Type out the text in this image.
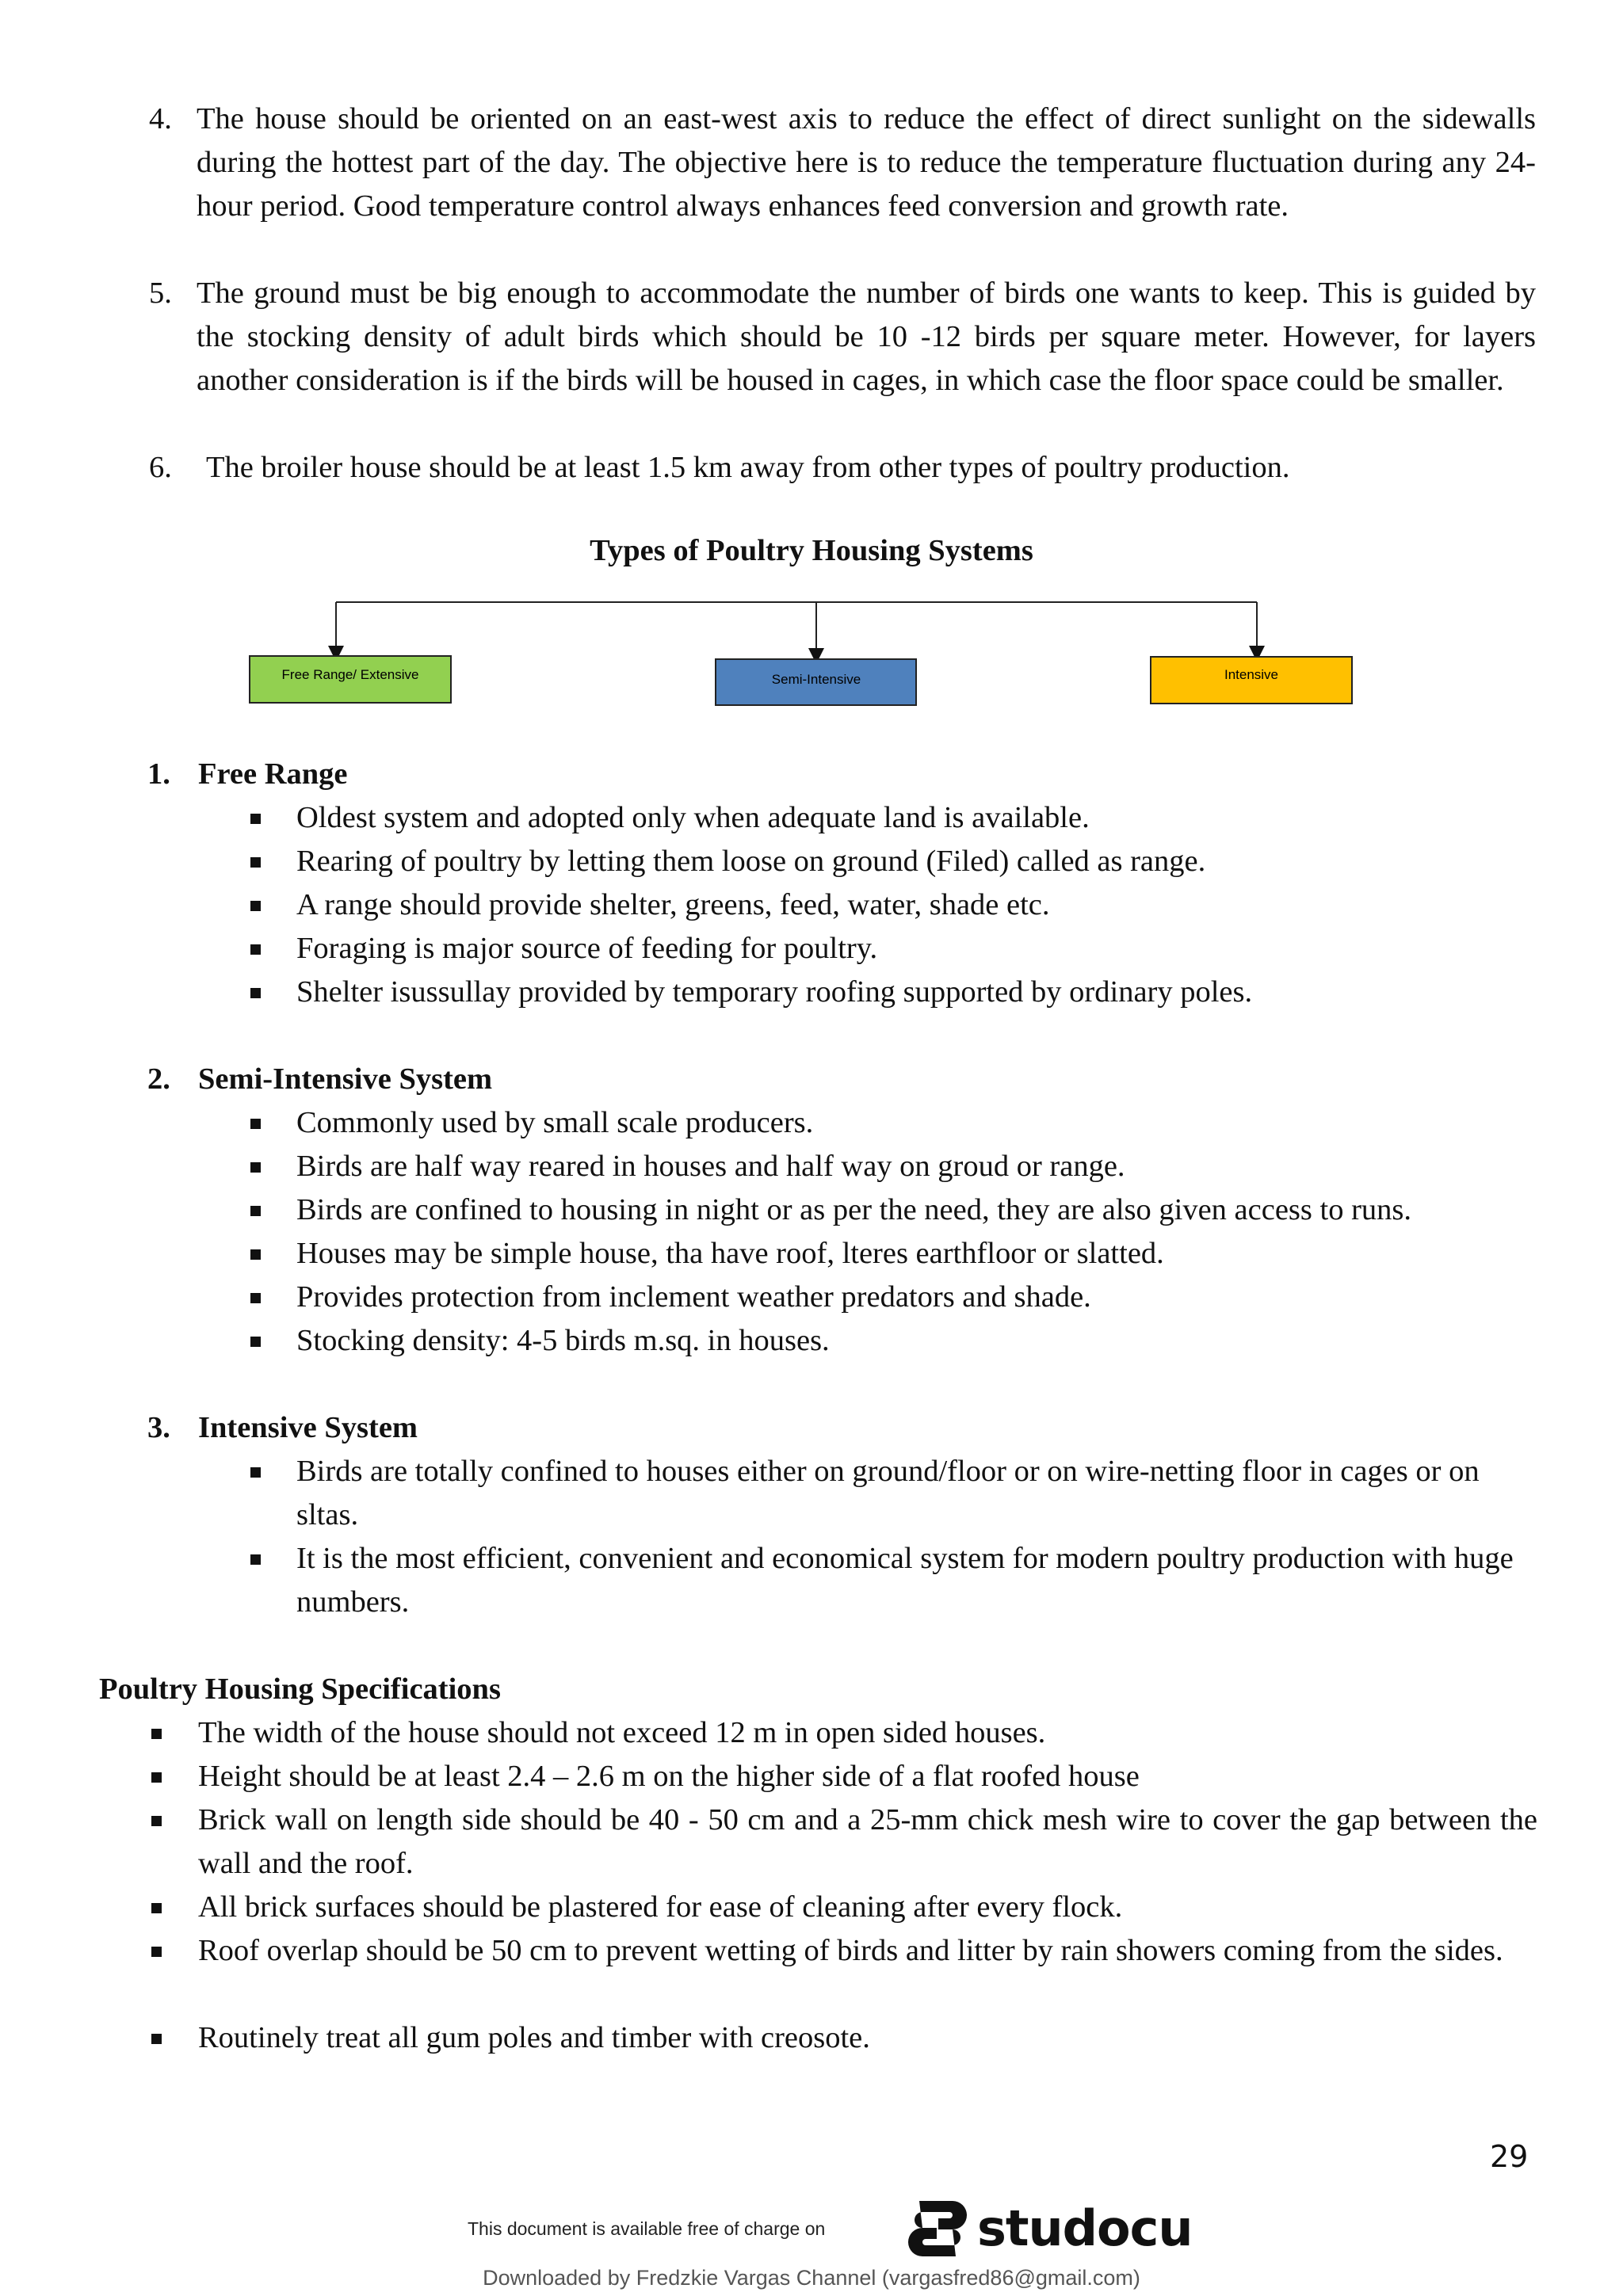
4. The house should be oriented on an east-west axis to reduce the effect of direct sunlight on the sidewalls during the hottest part of the day. The objective here is to reduce the temperature fluctuation during any 24-hour period. Good temperature control always enhances feed conversion and growth rate.
5. The ground must be big enough to accommodate the number of birds one wants to keep. This is guided by the stocking density of adult birds which should be 10 -12 birds per square meter. However, for layers another consideration is if the birds will be housed in cages, in which case the floor space could be smaller.
6. The broiler house should be at least 1.5 km away from other types of poultry production.
Types of Poultry Housing Systems
Free Range/ Extensive	Semi-Intensive	Intensive
1. Free Range
Oldest system and adopted only when adequate land is available.
Rearing of poultry by letting them loose on ground (Filed) called as range.
A range should provide shelter, greens, feed, water, shade etc.
Foraging is major source of feeding for poultry.
Shelter isussullay provided by temporary roofing supported by ordinary poles.
2. Semi-Intensive System
Commonly used by small scale producers.
Birds are half way reared in houses and half way on groud or range.
Birds are confined to housing in night or as per the need, they are also given access to runs.
Houses may be simple house, tha have roof, lteres earthfloor or slatted.
Provides protection from inclement weather predators and shade.
Stocking density: 4-5 birds m.sq. in houses.
3. Intensive System
Birds are totally confined to houses either on ground/floor or on wire-netting floor in cages or on sltas.
It is the most efficient, convenient and economical system for modern poultry production with huge numbers.
Poultry Housing Specifications
The width of the house should not exceed 12 m in open sided houses.
Height should be at least 2.4 – 2.6 m on the higher side of a flat roofed house
Brick wall on length side should be 40 - 50 cm and a 25-mm chick mesh wire to cover the gap between the wall and the roof.
All brick surfaces should be plastered for ease of cleaning after every flock.
Roof overlap should be 50 cm to prevent wetting of birds and litter by rain showers coming from the sides.
Routinely treat all gum poles and timber with creosote.
29
This document is available free of charge on	studocu
Downloaded by Fredzkie Vargas Channel (vargasfred86@gmail.com)
